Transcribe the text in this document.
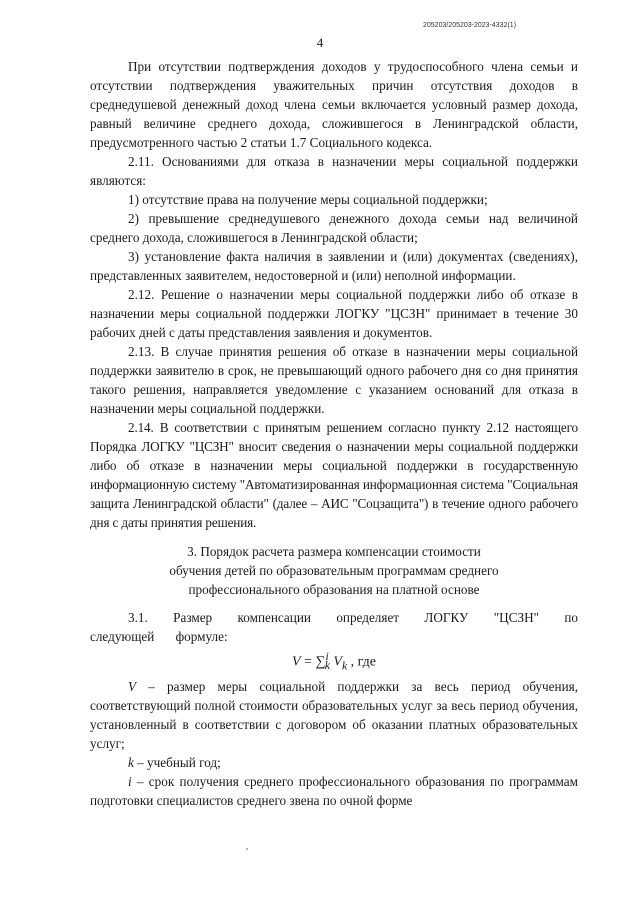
205203/205203-2023-4332(1)
4

При отсутствии подтверждения доходов у трудоспособного члена семьи и отсутствии подтверждения уважительных причин отсутствия доходов в среднедушевой денежный доход члена семьи включается условный размер дохода, равный величине среднего дохода, сложившегося в Ленинградской области, предусмотренного частью 2 статьи 1.7 Социального кодекса.

2.11. Основаниями для отказа в назначении меры социальной поддержки являются:

1) отсутствие права на получение меры социальной поддержки;

2) превышение среднедушевого денежного дохода семьи над величиной среднего дохода, сложившегося в Ленинградской области;

3) установление факта наличия в заявлении и (или) документах (сведениях), представленных заявителем, недостоверной и (или) неполной информации.

2.12. Решение о назначении меры социальной поддержки либо об отказе в назначении меры социальной поддержки ЛОГКУ "ЦСЗН" принимает в течение 30 рабочих дней с даты представления заявления и документов.

2.13. В случае принятия решения об отказе в назначении меры социальной поддержки заявителю в срок, не превышающий одного рабочего дня со дня принятия такого решения, направляется уведомление с указанием оснований для отказа в назначении меры социальной поддержки.

2.14. В соответствии с принятым решением согласно пункту 2.12 настоящего Порядка ЛОГКУ "ЦСЗН" вносит сведения о назначении меры социальной поддержки либо об отказе в назначении меры социальной поддержки в государственную информационную систему "Автоматизированная информационная система "Социальная защита Ленинградской области" (далее – АИС "Соцзащита") в течение одного рабочего дня с даты принятия решения.

3. Порядок расчета размера компенсации стоимости
обучения детей по образовательным программам среднего
профессионального образования на платной основе

3.1. Размер компенсации определяет ЛОГКУ "ЦСЗН" по следующей формуле:

V = ∑$^i_k$ $V_k$ , где

V – размер меры социальной поддержки за весь период обучения, соответствующий полной стоимости образовательных услуг за весь период обучения, установленный в соответствии с договором об оказании платных образовательных услуг;

k – учебный год;

i – срок получения среднего профессионального образования по программам подготовки специалистов среднего звена по очной форме
